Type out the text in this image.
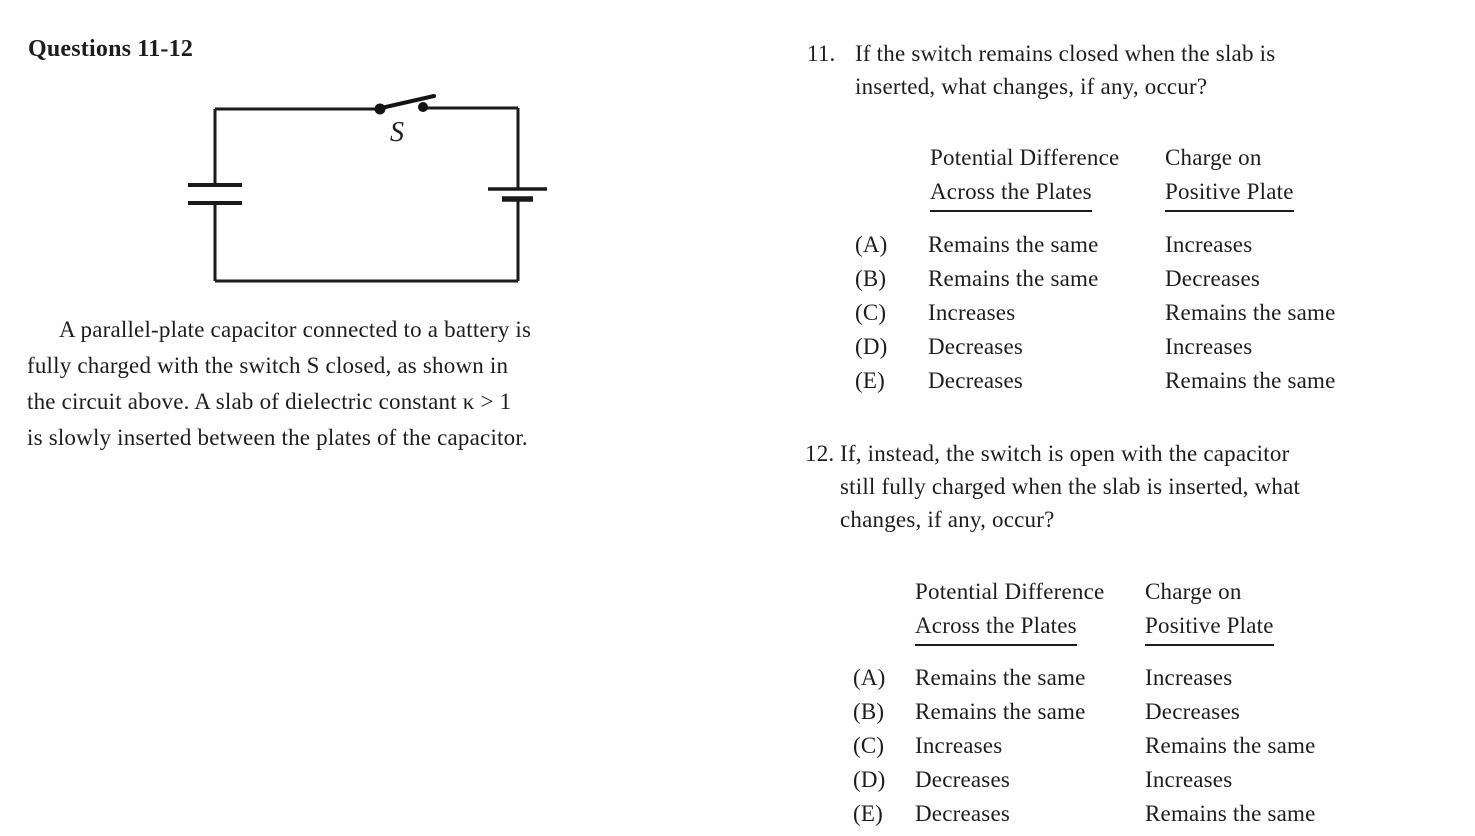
Questions 11-12
S
A parallel-plate capacitor connected to a battery is
fully charged with the switch S closed, as shown in
the circuit above. A slab of dielectric constant κ > 1
is slowly inserted between the plates of the capacitor.
11. If the switch remains closed when the slab is
inserted, what changes, if any, occur?
Potential Difference
Across the Plates
Charge on
Positive Plate
(A)	Remains the same	Increases
(B)	Remains the same	Decreases
(C)	Increases	Remains the same
(D)	Decreases	Increases
(E)	Decreases	Remains the same
12. If, instead, the switch is open with the capacitor
still fully charged when the slab is inserted, what
changes, if any, occur?
Potential Difference
Across the Plates
Charge on
Positive Plate
(A)	Remains the same	Increases
(B)	Remains the same	Decreases
(C)	Increases	Remains the same
(D)	Decreases	Increases
(E)	Decreases	Remains the same
